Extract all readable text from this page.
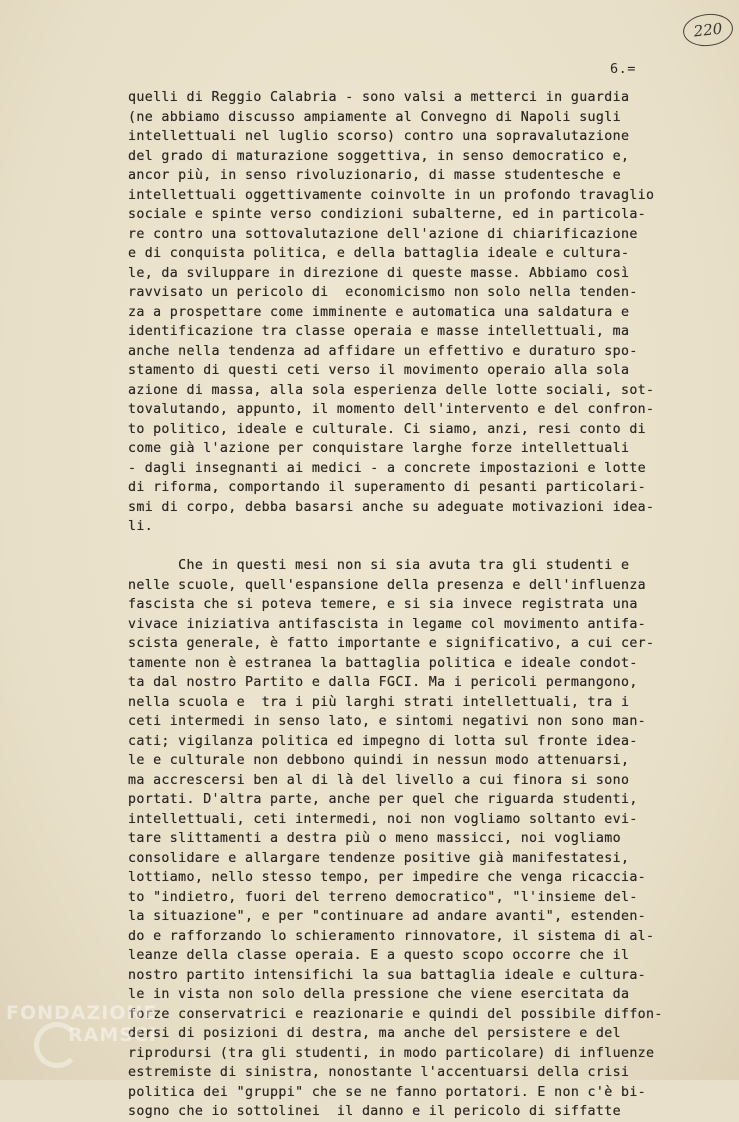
220
6.=
quelli di Reggio Calabria - sono valsi a metterci in guardia
(ne abbiamo discusso ampiamente al Convegno di Napoli sugli
intellettuali nel luglio scorso) contro una sopravalutazione
del grado di maturazione soggettiva, in senso democratico e,
ancor più, in senso rivoluzionario, di masse studentesche e
intellettuali oggettivamente coinvolte in un profondo travaglio
sociale e spinte verso condizioni subalterne, ed in particola-
re contro una sottovalutazione dell'azione di chiarificazione
e di conquista politica, e della battaglia ideale e cultura-
le, da sviluppare in direzione di queste masse. Abbiamo così
ravvisato un pericolo di  economicismo non solo nella tenden-
za a prospettare come imminente e automatica una saldatura e
identificazione tra classe operaia e masse intellettuali, ma
anche nella tendenza ad affidare un effettivo e duraturo spo-
stamento di questi ceti verso il movimento operaio alla sola
azione di massa, alla sola esperienza delle lotte sociali, sot-
tovalutando, appunto, il momento dell'intervento e del confron-
to politico, ideale e culturale. Ci siamo, anzi, resi conto di
come già l'azione per conquistare larghe forze intellettuali
- dagli insegnanti ai medici - a concrete impostazioni e lotte
di riforma, comportando il superamento di pesanti particolari-
smi di corpo, debba basarsi anche su adeguate motivazioni idea-
li.
Che in questi mesi non si sia avuta tra gli studenti e
nelle scuole, quell'espansione della presenza e dell'influenza
fascista che si poteva temere, e si sia invece registrata una
vivace iniziativa antifascista in legame col movimento antifa-
scista generale, è fatto importante e significativo, a cui cer-
tamente non è estranea la battaglia politica e ideale condot-
ta dal nostro Partito e dalla FGCI. Ma i pericoli permangono,
nella scuola e  tra i più larghi strati intellettuali, tra i
ceti intermedi in senso lato, e sintomi negativi non sono man-
cati; vigilanza politica ed impegno di lotta sul fronte idea-
le e culturale non debbono quindi in nessun modo attenuarsi,
ma accrescersi ben al di là del livello a cui finora si sono
portati. D'altra parte, anche per quel che riguarda studenti,
intellettuali, ceti intermedi, noi non vogliamo soltanto evi-
tare slittamenti a destra più o meno massicci, noi vogliamo
consolidare e allargare tendenze positive già manifestatesi,
lottiamo, nello stesso tempo, per impedire che venga ricaccia-
to "indietro, fuori del terreno democratico", "l'insieme del-
la situazione", e per "continuare ad andare avanti", estenden-
do e rafforzando lo schieramento rinnovatore, il sistema di al-
leanze della classe operaia. E a questo scopo occorre che il
nostro partito intensifichi la sua battaglia ideale e cultura-
le in vista non solo della pressione che viene esercitata da
forze conservatrici e reazionarie e quindi del possibile diffon-
dersi di posizioni di destra, ma anche del persistere e del
riprodursi (tra gli studenti, in modo particolare) di influenze
estremiste di sinistra, nonostante l'accentuarsi della crisi
politica dei "gruppi" che se ne fanno portatori. E non c'è bi-
sogno che io sottolinei  il danno e il pericolo di siffatte
FONDAZIONE
RAMSCI
